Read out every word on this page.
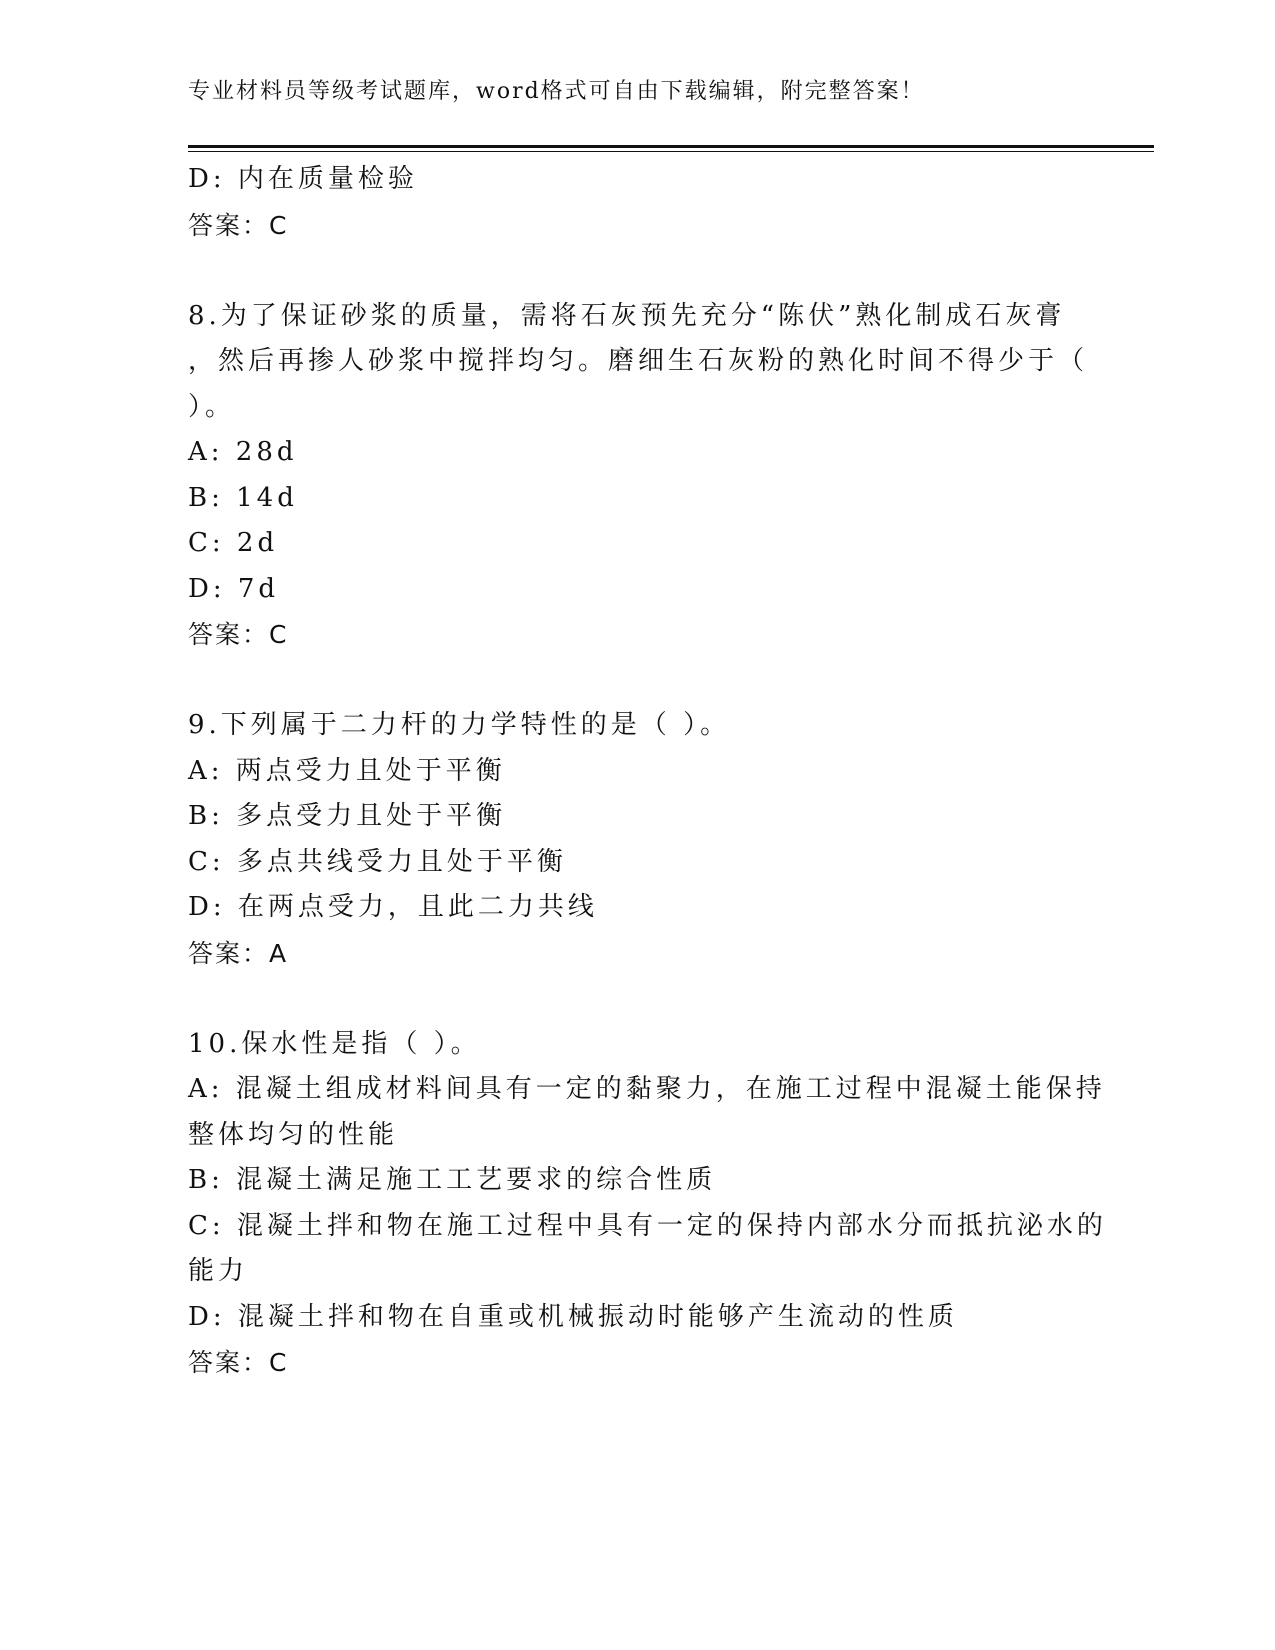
专业材料员等级考试题库，word格式可自由下载编辑，附完整答案！
D: 内在质量检验
答案：C
8.为了保证砂浆的质量，需将石灰预先充分“陈伏”熟化制成石灰膏
，然后再掺人砂浆中搅拌均匀。磨细生石灰粉的熟化时间不得少于（
）。
A: 28d
B: 14d
C: 2d
D: 7d
答案：C
9.下列属于二力杆的力学特性的是（ ）。
A: 两点受力且处于平衡
B: 多点受力且处于平衡
C: 多点共线受力且处于平衡
D: 在两点受力，且此二力共线
答案：A
10.保水性是指（ ）。
A: 混凝土组成材料间具有一定的黏聚力，在施工过程中混凝土能保持
整体均匀的性能
B: 混凝土满足施工工艺要求的综合性质
C: 混凝土拌和物在施工过程中具有一定的保持内部水分而抵抗泌水的
能力
D: 混凝土拌和物在自重或机械振动时能够产生流动的性质
答案：C
